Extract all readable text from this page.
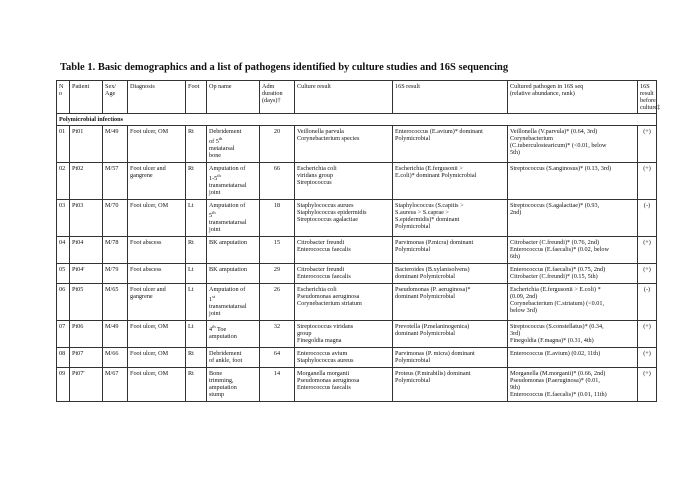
Table 1. Basic demographics and a list of pathogens identified by culture studies and 16S sequencing
N
o	Patient	Sex/
Age	Diagnosis	Foot	Op name	Adm
duration
(days)†	Culture result	16S result	Cultured pathogen in 16S seq
(relative abundance, rank)	16S
result
before
culture‡

Polymicrobial infections										
01	Pt01	M/49	Foot ulcer, OM	Rt	Debridement
of 5th
metatarsal
bone	20	Veillonella parvula
Corynebacterium species	Enterococcus (E.avium)* dominant
Polymicrobial	Veillonella (V.parvula)* (0.64, 3rd)
Corynebacterium
(C.tuberculostearicum)* (<0.01, below
5th)	(+)
02	Pt02	M/57	Foot ulcer and
gangrene	Rt	Amputation of
1-5th
transmetatarsal
joint	66	Escherichia coli
viridans group
Streptococcus	Escherichia (E.fergusonii >
E.coli)* dominant Polymicrobial	Streptococcus (S.anginosus)* (0.13, 3rd)	(+)
03	Pt03	M/70	Foot ulcer, OM	Lt	Amputation of
5th
transmetatarsal
joint	18	Staphylococcus aurues
Staphylococcus epidermidis
Streptococcus agalactiae	Staphylococcus (S.capitis >
S.aureus > S.caprae >
S.epidermidis)* dominant
Polymicrobial	Streptococcus (S.agalactiae)* (0.93,
2nd)	(-)
04	Pt04	M/78	Foot abscess	Rt	BK amputation	15	Citrobacter freundi
Enterococcus faecalis	Parvimonas (P.micra) dominant
Polymicrobial	Citrobacter (C.freundi)* (0.76, 2nd)
Enterococcus (E.faecalis)* (0.02, below
6th)	(+)
05	Pt04'	M/79	Foot abscess	Lt	BK amputation	29	Citrobacter freundi
Enterococcus faecalis	Bacteroides (B.xylanisolvens)
dominant Polymicrobial	Enterococcus (E.faecalis)* (0.75, 2nd)
Citrobacter (C.freundi)* (0.15, 5th)	(+)
06	Pt05	M/65	Foot ulcer and
gangrene	Lt	Amputation of
1st
transmetatarsal
joint	26	Escherichia coli
Pseudomonas aeruginosa
Corynebacterium striatum	Pseudomonas (P. aeruginosa)*
dominant Polymicrobial	Escherichia (E.fergusonii > E.coli) *
(0.09, 2nd)
Corynebacterium (C.striatum) (<0.01,
below 3rd)	(-)
07	Pt06	M/49	Foot ulcer, OM	Lt	4th Toe
amputation	32	Streptococcus viridans
group
Finegoldia magna	Prevotella (P.melaninogenica)
dominant Polymicrobial	Streptococcus (S.constellatus)* (0.34,
3rd)
Finegoldia (F.magna)* (0.31, 4th)	(+)
08	Pt07	M/66	Foot ulcer, OM	Rt	Debridement
of ankle, foot	64	Enterococcus avium
Staphylococcus aureus	Parvimonas (P. micra) dominant
Polymicrobial	Enterococcus (E.avium) (0.02, 11th)	(+)
09	Pt07'	M/67	Foot ulcer, OM	Rt	Bone
trimming,
amputation
stump	14	Morganella morganii
Pseudomonas aeruginosa
Enterococcus faecalis	Proteus (P.mirabilis) dominant
Polymicrobial	Morganella (M.morganii)* (0.66, 2nd)
Pseudomonas (P.aeruginosa)* (0.01,
9th)
Enterococcus (E.faecalis)* (0.01, 11th)	(+)
